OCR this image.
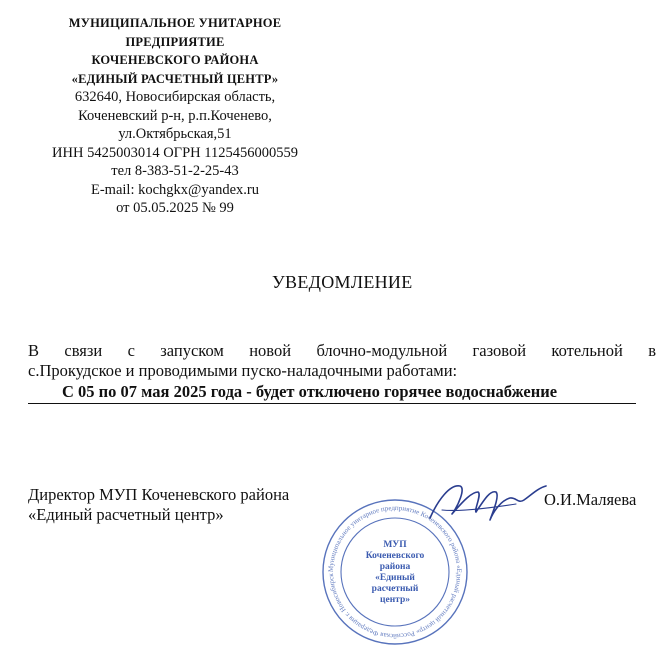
МУНИЦИПАЛЬНОЕ УНИТАРНОЕ
ПРЕДПРИЯТИЕ
КОЧЕНЕВСКОГО РАЙОНА
«ЕДИНЫЙ РАСЧЕТНЫЙ ЦЕНТР»
632640, Новосибирская область,
Коченевский р-н, р.п.Коченево,
ул.Октябрьская,51
ИНН 5425003014 ОГРН 1125456000559
тел 8-383-51-2-25-43
E-mail: kochgkx@yandex.ru
от 05.05.2025 № 99
УВЕДОМЛЕНИЕ
В связи с запуском новой блочно-модульной газовой котельной в
с.Прокудское и проводимыми пуско-наладочными работами:
С 05 по 07 мая 2025 года - будет отключено горячее водоснабжение
Директор МУП Коченевского района
«Единый расчетный центр»
Муниципальное унитарное предприятие Коченевского района «Единый расчетный центр» Российская Федерация г. Новосибирск
МУП
Коченевского
района
«Единый
расчетный
центр»
О.И.Маляева
